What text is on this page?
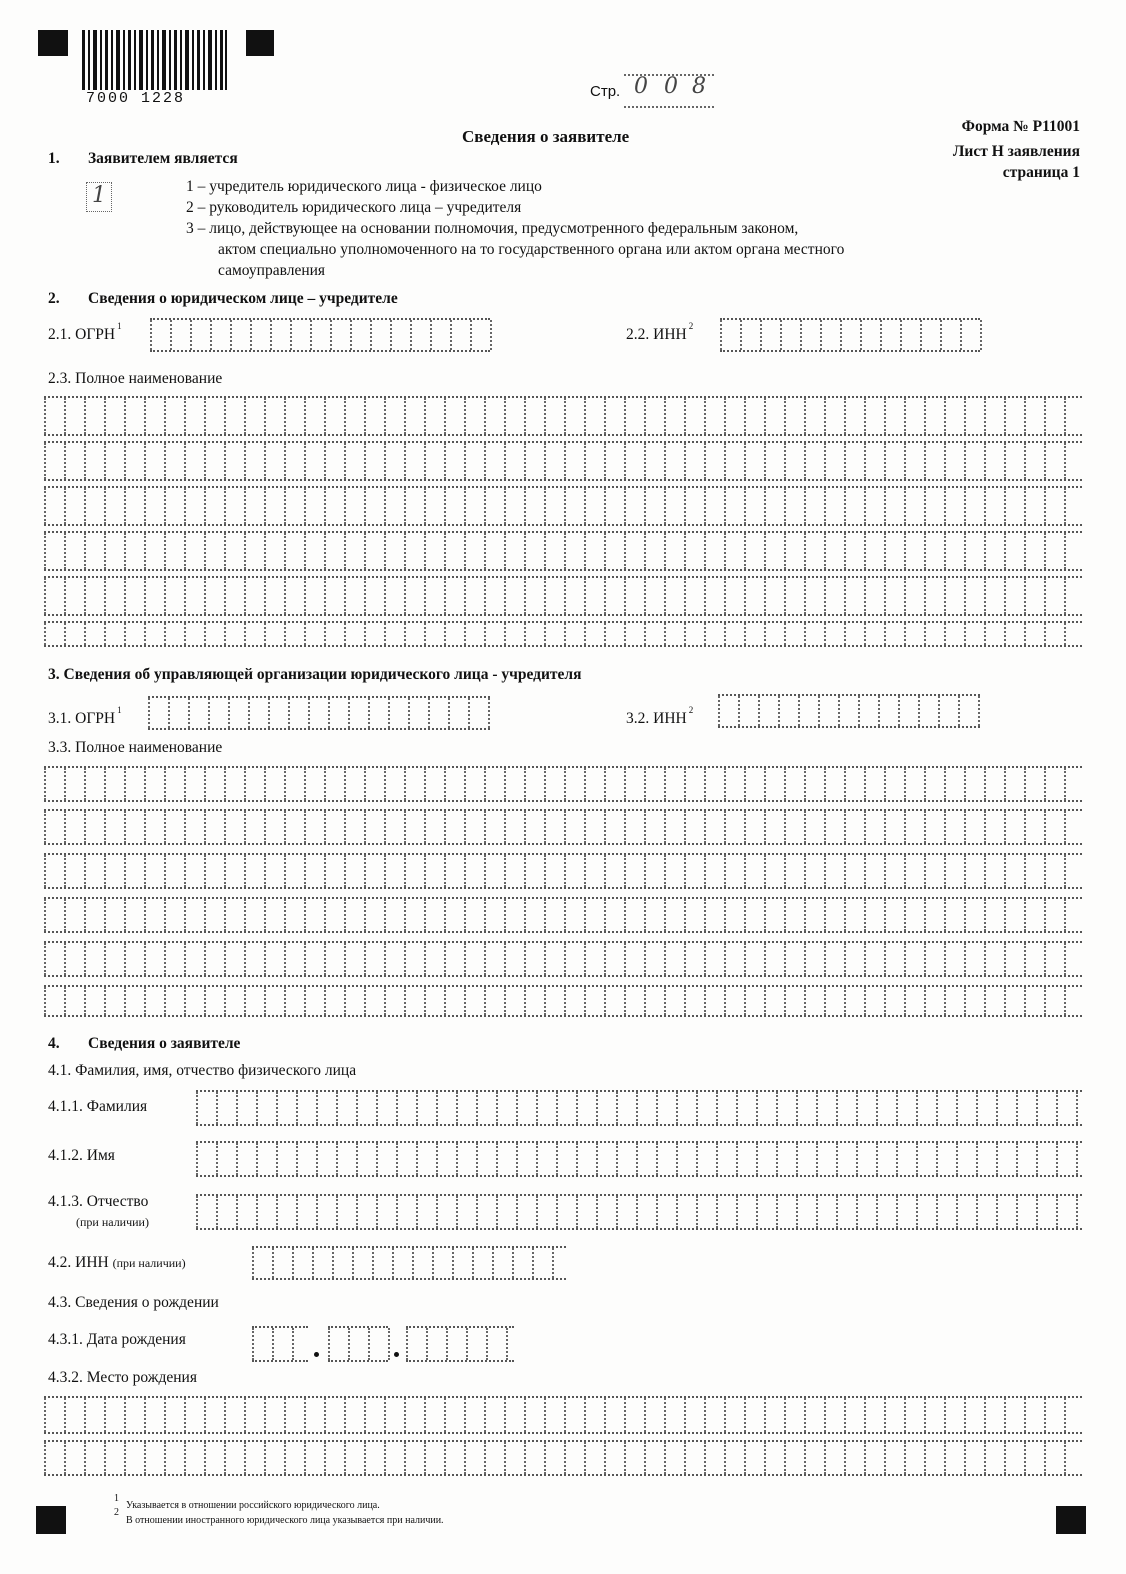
7000 1228	Стр. 0 0 8
Сведения о заявителе
Форма № Р11001
Лист Н заявления
страница 1
1. Заявителем является
1	1 – учредитель юридического лица - физическое лицо
2 – руководитель юридического лица – учредителя
3 – лицо, действующее на основании полномочия, предусмотренного федеральным законом,
актом специально уполномоченного на то государственного органа или актом органа местного
самоуправления
2. Сведения о юридическом лице – учредителе
2.1. ОГРН $^1$	2.2. ИНН $^2$
2.3. Полное наименование
3. Сведения об управляющей организации юридического лица - учредителя
3.1. ОГРН $^1$	3.2. ИНН $^2$
3.3. Полное наименование
4. Сведения о заявителе
4.1. Фамилия, имя, отчество физического лица
4.1.1. Фамилия
4.1.2. Имя
4.1.3. Отчество
(при наличии)
4.2. ИНН (при наличии)
4.3. Сведения о рождении
4.3.1. Дата рождения
4.3.2. Место рождения
1
Указывается в отношении российского юридического лица.
2
В отношении иностранного юридического лица указывается при наличии.
